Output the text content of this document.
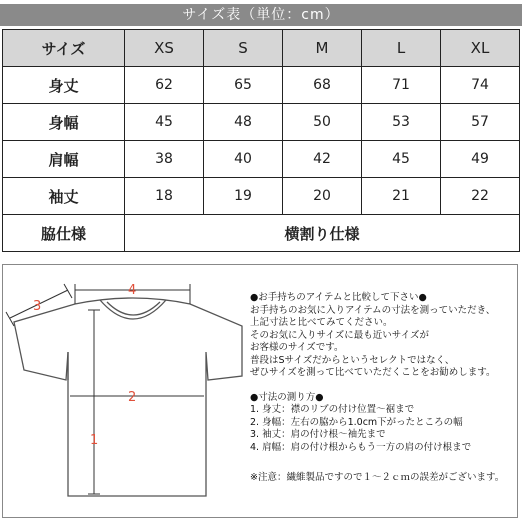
サイズ表（単位：cm）
サイズ	XS	S	M	L	XL
身丈	62	65	68	71	74
身幅	45	48	50	53	57
肩幅	38	40	42	45	49
袖丈	18	19	20	21	22
脇仕様	横割り仕様				
4
3
2
1

●お手持ちのアイテムと比較して下さい●

お手持ちのお気に入りアイテムの寸法を測っていただき、

上記寸法と比べてみてください。

そのお気に入りサイズに最も近いサイズが

お客様のサイズです。

普段はSサイズだからというセレクトではなく、

ぜひサイズを測って比べていただくことをお勧めします。

●寸法の測り方●

1. 身丈：襟のリブの付け位置～裾まで

2. 身幅：左右の脇から1.0cm下がったところの幅

3. 袖丈：肩の付け根～袖先まで

4. 肩幅：肩の付け根からもう一方の肩の付け根まで

※注意：繊維製品ですので１～２ｃｍの誤差がございます。
